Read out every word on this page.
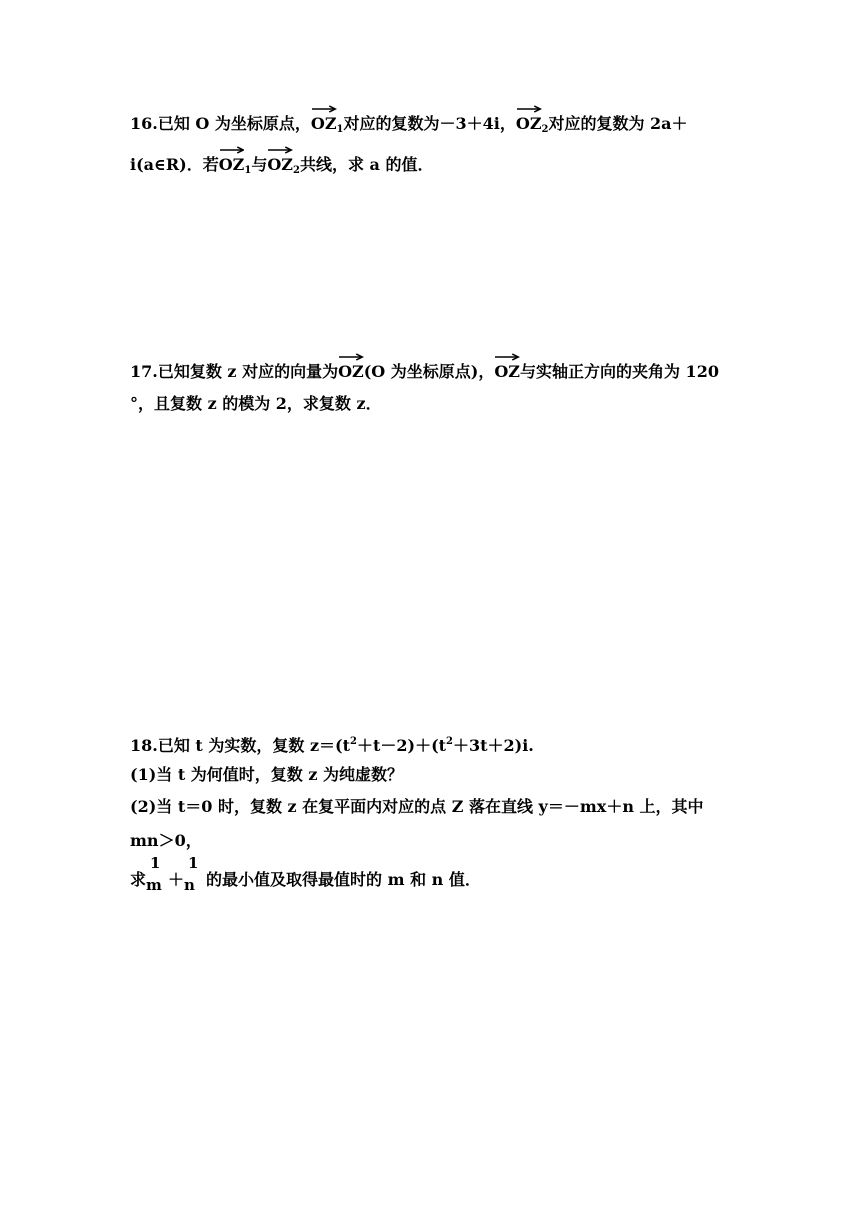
16.已知 O 为坐标原点，
$OZ_1$对应的复数为－3＋4i，
$OZ_2$对应的复数为 2a＋
i(a∈R)．若
$OZ_1$与
$OZ_2$共线，求 a 的值．
17.已知复数 z 对应的向量为
OZ(O 为坐标原点)，
OZ与实轴正方向的夹角为 120
°，且复数 z 的模为 2，求复数 z．
18.已知 t 为实数，复数 $z=(t^2+t-2)+(t^2+3t+2)i$.
(1)当 t 为何值时，复数 z 为纯虚数？
(2)当 t＝0 时，复数 z 在复平面内对应的点 Z 落在直线 y＝－mx＋n 上，其中
mn＞0，
求
1
m ＋
1
n 的最小值及取得最值时的 m 和 n 值．
